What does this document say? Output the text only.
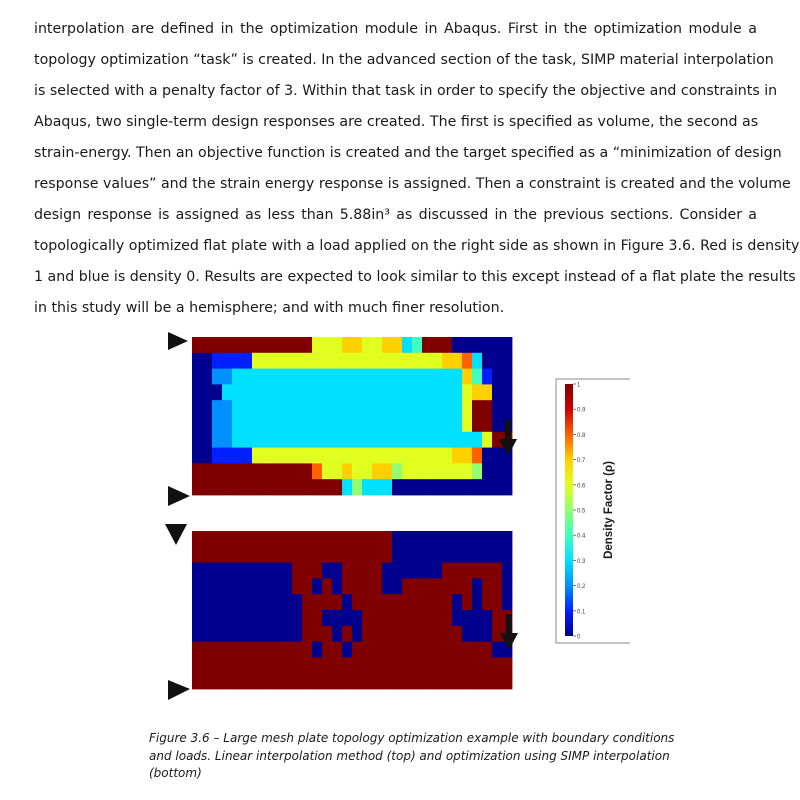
interpolation are defined in the optimization module in Abaqus. First in the optimization module a
topology optimization “task” is created. In the advanced section of the task, SIMP material interpolation
is selected with a penalty factor of 3. Within that task in order to specify the objective and constraints in
Abaqus, two single-term design responses are created. The first is specified as volume, the second as
strain-energy. Then an objective function is created and the target specified as a “minimization of design
response values” and the strain energy response is assigned. Then a constraint is created and the volume
design response is assigned as less than 5.88in³ as discussed in the previous sections. Consider a
topologically optimized flat plate with a load applied on the right side as shown in Figure 3.6. Red is density
1 and blue is density 0. Results are expected to look similar to this except instead of a flat plate the results
in this study will be a hemisphere; and with much finer resolution.
1
0.9
0.8
0.7
0.6
0.5
0.4
0.3
0.2
0.1
0
Density Factor (ρ)
Figure 3.6 – Large mesh plate topology optimization example with boundary conditions
and loads. Linear interpolation method (top) and optimization using SIMP interpolation
(bottom)
